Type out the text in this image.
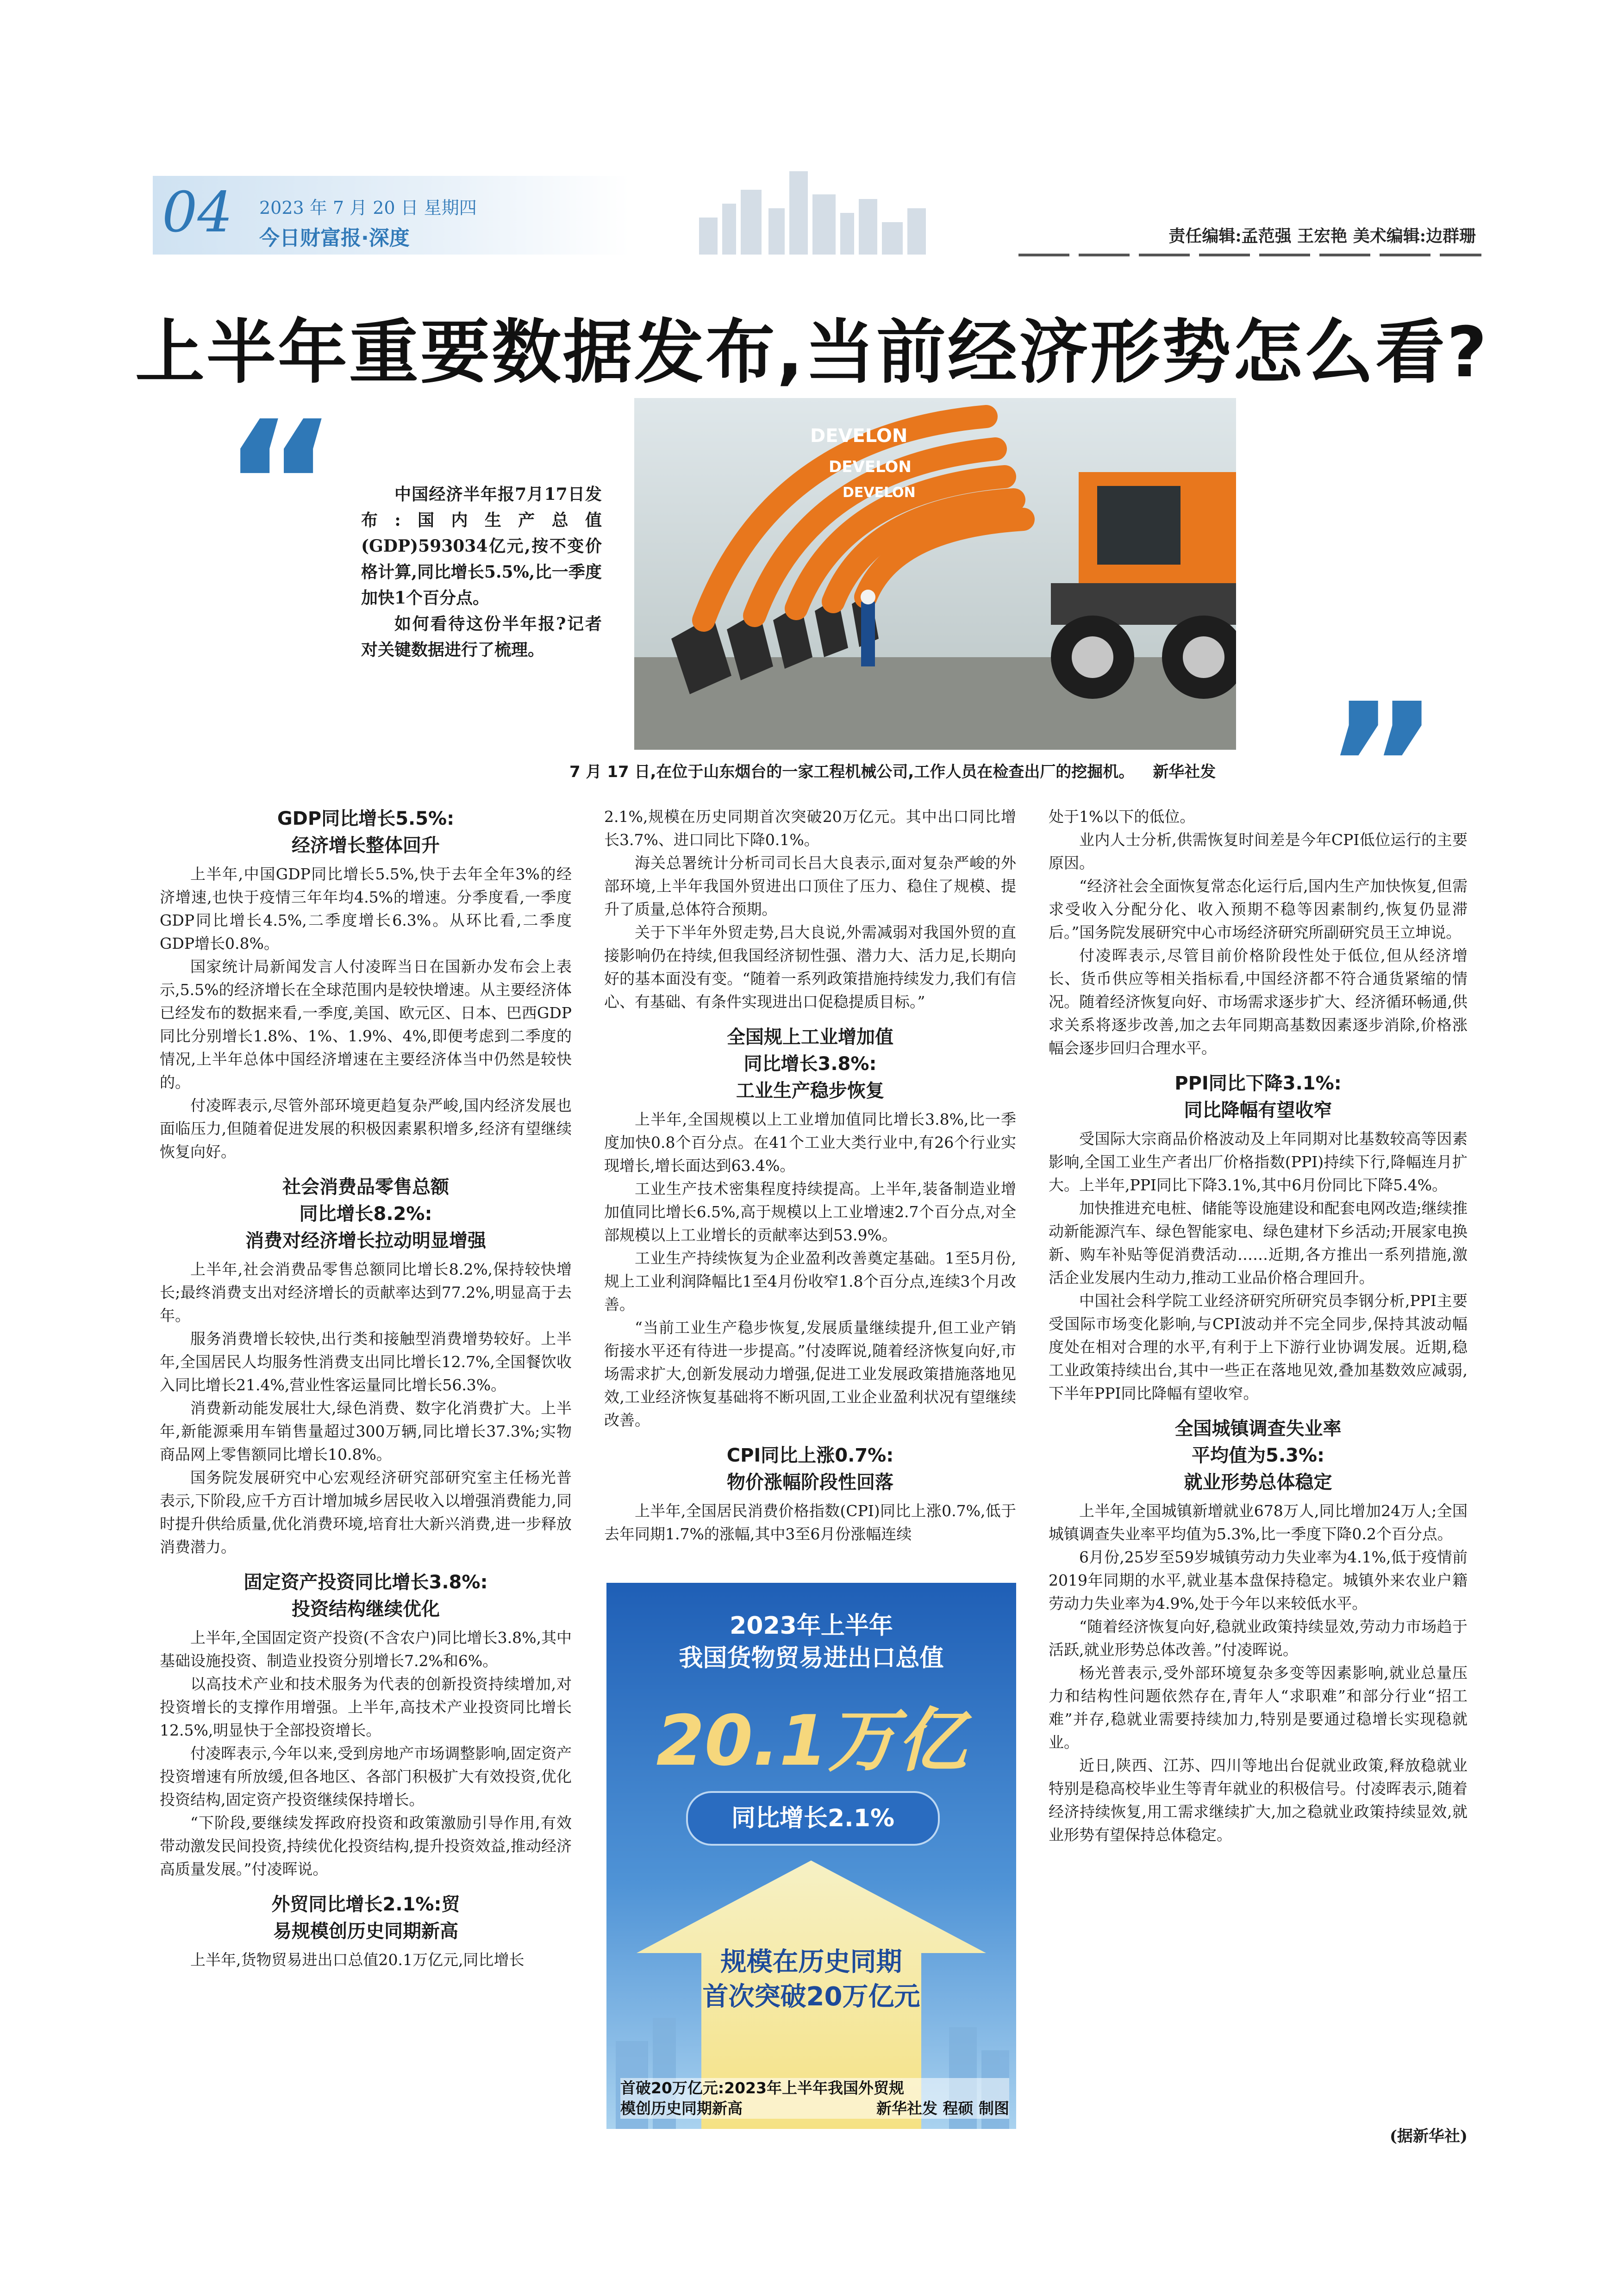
04 2023 年 7 月 20 日 星期四
今日财富报·深度	责任编辑:孟范强 王宏艳 美术编辑:边群珊
上半年重要数据发布,当前经济形势怎么看?
“	中国经济半年报7月17日发布:国内生产总值(GDP)593034亿元,按不变价格计算,同比增长5.5%,比一季度加快1个百分点。

如何看待这份半年报?记者对关键数据进行了梳理。

DEVELON
DEVELON
DEVELON
7 月 17 日,在位于山东烟台的一家工程机械公司,工作人员在检查出厂的挖掘机。 新华社发 ”
GDP同比增长5.5%:
经济增长整体回升

上半年,中国GDP同比增长5.5%,快于去年全年3%的经济增速,也快于疫情三年年均4.5%的增速。分季度看,一季度GDP同比增长4.5%,二季度增长6.3%。从环比看,二季度GDP增长0.8%。

国家统计局新闻发言人付凌晖当日在国新办发布会上表示,5.5%的经济增长在全球范围内是较快增速。从主要经济体已经发布的数据来看,一季度,美国、欧元区、日本、巴西GDP同比分别增长1.8%、1%、1.9%、4%,即便考虑到二季度的情况,上半年总体中国经济增速在主要经济体当中仍然是较快的。

付凌晖表示,尽管外部环境更趋复杂严峻,国内经济发展也面临压力,但随着促进发展的积极因素累积增多,经济有望继续恢复向好。

社会消费品零售总额
同比增长8.2%:
消费对经济增长拉动明显增强

上半年,社会消费品零售总额同比增长8.2%,保持较快增长;最终消费支出对经济增长的贡献率达到77.2%,明显高于去年。

服务消费增长较快,出行类和接触型消费增势较好。上半年,全国居民人均服务性消费支出同比增长12.7%,全国餐饮收入同比增长21.4%,营业性客运量同比增长56.3%。

消费新动能发展壮大,绿色消费、数字化消费扩大。上半年,新能源乘用车销售量超过300万辆,同比增长37.3%;实物商品网上零售额同比增长10.8%。

国务院发展研究中心宏观经济研究部研究室主任杨光普表示,下阶段,应千方百计增加城乡居民收入以增强消费能力,同时提升供给质量,优化消费环境,培育壮大新兴消费,进一步释放消费潜力。

固定资产投资同比增长3.8%:
投资结构继续优化

上半年,全国固定资产投资(不含农户)同比增长3.8%,其中基础设施投资、制造业投资分别增长7.2%和6%。

以高技术产业和技术服务为代表的创新投资持续增加,对投资增长的支撑作用增强。上半年,高技术产业投资同比增长12.5%,明显快于全部投资增长。

付凌晖表示,今年以来,受到房地产市场调整影响,固定资产投资增速有所放缓,但各地区、各部门积极扩大有效投资,优化投资结构,固定资产投资继续保持增长。

“下阶段,要继续发挥政府投资和政策激励引导作用,有效带动激发民间投资,持续优化投资结构,提升投资效益,推动经济高质量发展。”付凌晖说。

外贸同比增长2.1%:贸
易规模创历史同期新高

上半年,货物贸易进出口总值20.1万亿元,同比增长

2.1%,规模在历史同期首次突破20万亿元。其中出口同比增长3.7%、进口同比下降0.1%。

海关总署统计分析司司长吕大良表示,面对复杂严峻的外部环境,上半年我国外贸进出口顶住了压力、稳住了规模、提升了质量,总体符合预期。

关于下半年外贸走势,吕大良说,外需减弱对我国外贸的直接影响仍在持续,但我国经济韧性强、潜力大、活力足,长期向好的基本面没有变。“随着一系列政策措施持续发力,我们有信心、有基础、有条件实现进出口促稳提质目标。”

全国规上工业增加值
同比增长3.8%:
工业生产稳步恢复

上半年,全国规模以上工业增加值同比增长3.8%,比一季度加快0.8个百分点。在41个工业大类行业中,有26个行业实现增长,增长面达到63.4%。

工业生产技术密集程度持续提高。上半年,装备制造业增加值同比增长6.5%,高于规模以上工业增速2.7个百分点,对全部规模以上工业增长的贡献率达到53.9%。

工业生产持续恢复为企业盈利改善奠定基础。1至5月份,规上工业利润降幅比1至4月份收窄1.8个百分点,连续3个月改善。

“当前工业生产稳步恢复,发展质量继续提升,但工业产销衔接水平还有待进一步提高。”付凌晖说,随着经济恢复向好,市场需求扩大,创新发展动力增强,促进工业发展政策措施落地见效,工业经济恢复基础将不断巩固,工业企业盈利状况有望继续改善。

CPI同比上涨0.7%:
物价涨幅阶段性回落

上半年,全国居民消费价格指数(CPI)同比上涨0.7%,低于去年同期1.7%的涨幅,其中3至6月份涨幅连续

2023年上半年
我国货物贸易进出口总值
20.1万亿
同比增长2.1%
规模在历史同期
首次突破20万亿元
首破20万亿元:2023年上半年我国外贸规
模创历史同期新高	新华社发 程硕 制图

处于1%以下的低位。

业内人士分析,供需恢复时间差是今年CPI低位运行的主要原因。

“经济社会全面恢复常态化运行后,国内生产加快恢复,但需求受收入分配分化、收入预期不稳等因素制约,恢复仍显滞后。”国务院发展研究中心市场经济研究所副研究员王立坤说。

付凌晖表示,尽管目前价格阶段性处于低位,但从经济增长、货币供应等相关指标看,中国经济都不符合通货紧缩的情况。随着经济恢复向好、市场需求逐步扩大、经济循环畅通,供求关系将逐步改善,加之去年同期高基数因素逐步消除,价格涨幅会逐步回归合理水平。

PPI同比下降3.1%:
同比降幅有望收窄

受国际大宗商品价格波动及上年同期对比基数较高等因素影响,全国工业生产者出厂价格指数(PPI)持续下行,降幅连月扩大。上半年,PPI同比下降3.1%,其中6月份同比下降5.4%。

加快推进充电桩、储能等设施建设和配套电网改造;继续推动新能源汽车、绿色智能家电、绿色建材下乡活动;开展家电换新、购车补贴等促消费活动……近期,各方推出一系列措施,激活企业发展内生动力,推动工业品价格合理回升。

中国社会科学院工业经济研究所研究员李钢分析,PPI主要受国际市场变化影响,与CPI波动并不完全同步,保持其波动幅度处在相对合理的水平,有利于上下游行业协调发展。近期,稳工业政策持续出台,其中一些正在落地见效,叠加基数效应减弱,下半年PPI同比降幅有望收窄。

全国城镇调查失业率
平均值为5.3%:
就业形势总体稳定

上半年,全国城镇新增就业678万人,同比增加24万人;全国城镇调查失业率平均值为5.3%,比一季度下降0.2个百分点。

6月份,25岁至59岁城镇劳动力失业率为4.1%,低于疫情前2019年同期的水平,就业基本盘保持稳定。城镇外来农业户籍劳动力失业率为4.9%,处于今年以来较低水平。

“随着经济恢复向好,稳就业政策持续显效,劳动力市场趋于活跃,就业形势总体改善。”付凌晖说。

杨光普表示,受外部环境复杂多变等因素影响,就业总量压力和结构性问题依然存在,青年人“求职难”和部分行业“招工难”并存,稳就业需要持续加力,特别是要通过稳增长实现稳就业。

近日,陕西、江苏、四川等地出台促就业政策,释放稳就业特别是稳高校毕业生等青年就业的积极信号。付凌晖表示,随着经济持续恢复,用工需求继续扩大,加之稳就业政策持续显效,就业形势有望保持总体稳定。

(据新华社)
